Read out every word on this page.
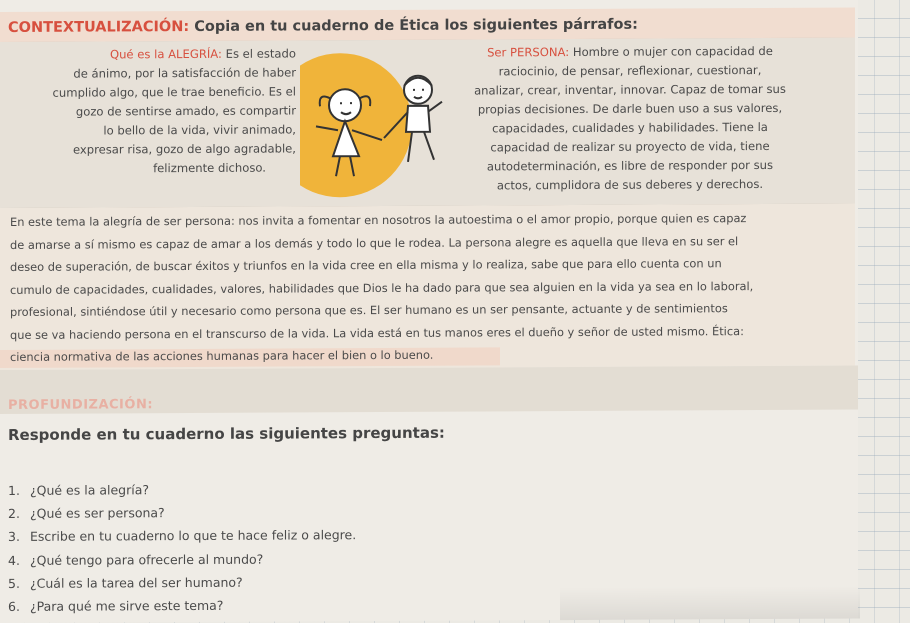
CONTEXTUALIZACIÓN: Copia en tu cuaderno de Ética los siguientes párrafos:
Qué es la ALEGRÍA: Es el estado
de ánimo, por la satisfacción de haber
cumplido algo, que le trae beneficio. Es el
gozo de sentirse amado, es compartir
lo bello de la vida, vivir animado,
expresar risa, gozo de algo agradable,
felizmente dichoso.
Ser PERSONA: Hombre o mujer con capacidad de
raciocinio, de pensar, reflexionar, cuestionar,
analizar, crear, inventar, innovar. Capaz de tomar sus
propias decisiones. De darle buen uso a sus valores,
capacidades, cualidades y habilidades. Tiene la
capacidad de realizar su proyecto de vida, tiene
autodeterminación, es libre de responder por sus
actos, cumplidora de sus deberes y derechos.
En este tema la alegría de ser persona: nos invita a fomentar en nosotros la autoestima o el amor propio, porque quien es capaz
de amarse a sí mismo es capaz de amar a los demás y todo lo que le rodea. La persona alegre es aquella que lleva en su ser el
deseo de superación, de buscar éxitos y triunfos en la vida cree en ella misma y lo realiza, sabe que para ello cuenta con un
cumulo de capacidades, cualidades, valores, habilidades que Dios le ha dado para que sea alguien en la vida ya sea en lo laboral,
profesional, sintiéndose útil y necesario como persona que es. El ser humano es un ser pensante, actuante y de sentimientos
que se va haciendo persona en el transcurso de la vida. La vida está en tus manos eres el dueño y señor de usted mismo. Ética:
ciencia normativa de las acciones humanas para hacer el bien o lo bueno.
PROFUNDIZACIÓN:
Responde en tu cuaderno las siguientes preguntas:
1. ¿Qué es la alegría?
2. ¿Qué es ser persona?
3. Escribe en tu cuaderno lo que te hace feliz o alegre.
4. ¿Qué tengo para ofrecerle al mundo?
5. ¿Cuál es la tarea del ser humano?
6. ¿Para qué me sirve este tema?
